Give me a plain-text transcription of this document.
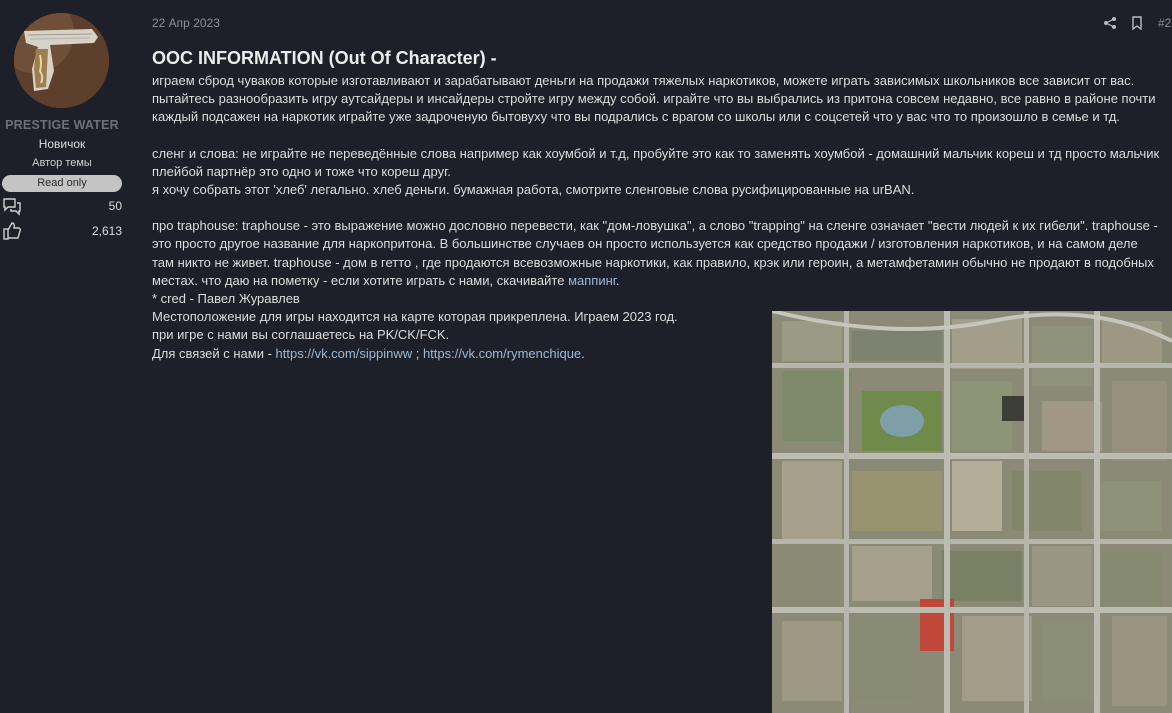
PRESTIGE WATER
Новичок
Автор темы
Read only
50
2,613
22 Апр 2023	#2
OOC INFORMATION (Out Of Character) -

играем сброд чуваков которые изготавливают и зарабатывают деньги на продажи тяжелых наркотиков, можете играть зависимых школьников все зависит от вас. пытайтесь разнообразить игру аутсайдеры и инсайдеры стройте игру между собой. играйте что вы выбрались из притона совсем недавно, все равно в районе почти каждый подсажен на наркотик играйте уже задроченую бытовуху что вы подрались с врагом со школы или с соцсетей что у вас что то произошло в семье и тд.

сленг и слова: не играйте не переведённые слова например как хоумбой и т.д, пробуйте это как то заменять хоумбой - домашний мальчик кореш и тд просто мальчик плейбой партнёр это одно и тоже что кореш друг.

я хочу собрать этот 'хлеб' легально. хлеб деньги. бумажная работа, смотрите сленговые слова русифицированные на urBAN.

про traphouse: traphouse - это выражение можно дословно перевести, как "дом-ловушка", а слово "trapping" на сленге означает "вести людей к их гибели". traphouse - это просто другое название для наркопритона. В большинстве случаев он просто используется как средство продажи / изготовления наркотиков, и на самом деле там никто не живет. traphouse - дом в гетто , где продаются всевозможные наркотики, как правило, крэк или героин, а метамфетамин обычно не продают в подобных местах. что даю на пометку - если хотите играть с нами, скачивайте маппинг.

* cred - Павел Журавлев

Местоположение для игры находится на карте которая прикреплена. Играем 2023 год.

при игре с нами вы соглашаетесь на PK/CK/FCK.

Для связей с нами - https://vk.com/sippinww ; https://vk.com/rymenchique.
